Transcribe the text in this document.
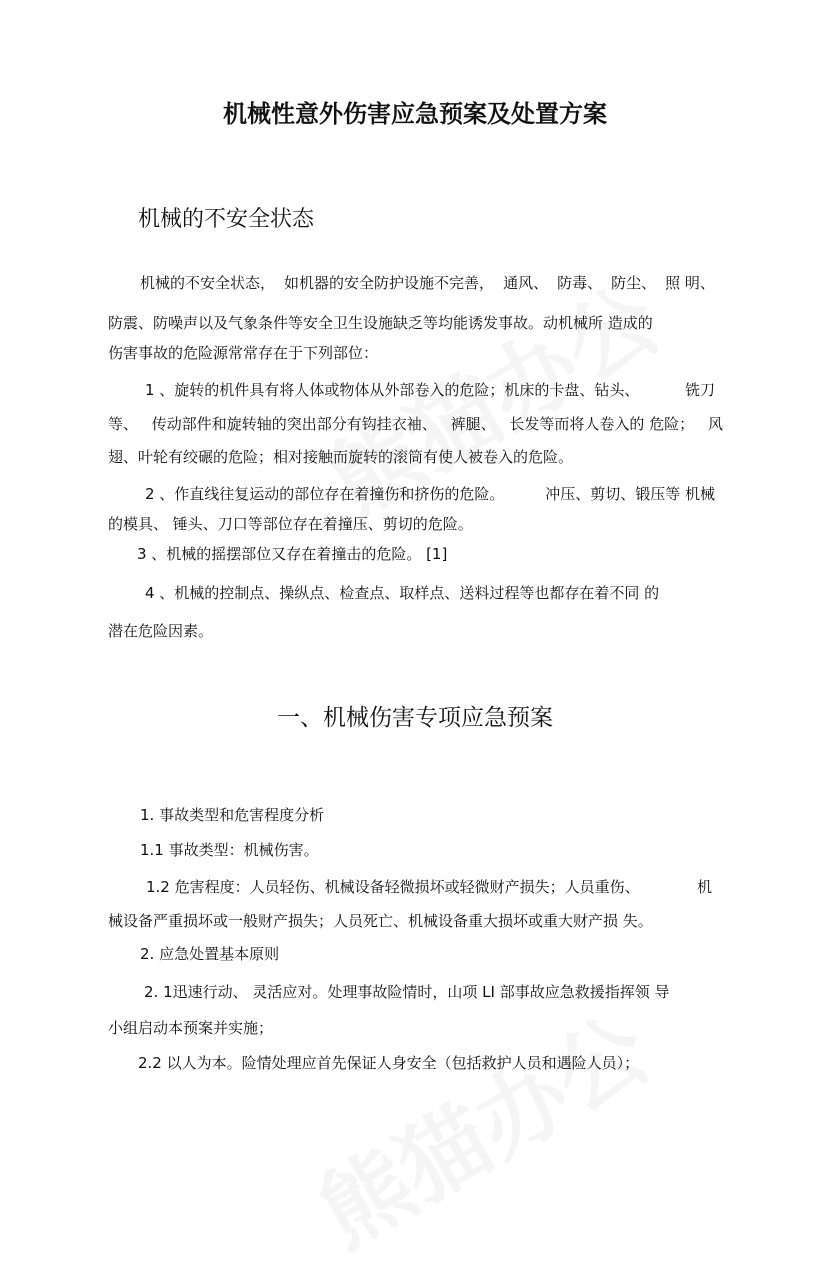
机械性意外伤害应急预案及处置方案
机械的不安全状态
机械的不安全状态， 如机器的安全防护设施不完善， 通风、 防毒、 防尘、 照 明、
防震、防噪声以及气象条件等安全卫生设施缺乏等均能诱发事故。动机械所 造成的
伤害事故的危险源常常存在于下列部位：
1 、旋转的机件具有将人体或物体从外部卷入的危险；机床的卡盘、钻头、	铣刀
等、 传动部件和旋转轴的突出部分有钩挂衣袖、 裤腿、 长发等而将人卷入的 危险； 风
翅、叶轮有绞碾的危险；相对接触而旋转的滚筒有使人被卷入的危险。
2 、作直线往复运动的部位存在着撞伤和挤伤的危险。	冲压、剪切、锻压等 机械
的模具、 锤头、刀口等部位存在着撞压、剪切的危险。
3 、机械的摇摆部位又存在着撞击的危险。 [1]
4 、机械的控制点、操纵点、检查点、取样点、送料过程等也都存在着不同 的
潜在危险因素。
一、机械伤害专项应急预案
1. 事故类型和危害程度分析
1.1 事故类型：机械伤害。
1.2 危害程度：人员轻伤、机械设备轻微损坏或轻微财产损失；人员重伤、	机
械设备严重损坏或一般财产损失；人员死亡、机械设备重大损坏或重大财产损 失。
2. 应急处置基本原则
2. 1迅速行动、 灵活应对。处理事故险情时，山项 LI 部事故应急救援指挥领 导
小组启动本预案并实施；
2.2 以人为本。险情处理应首先保证人身安全（包括救护人员和遇险人员）；
